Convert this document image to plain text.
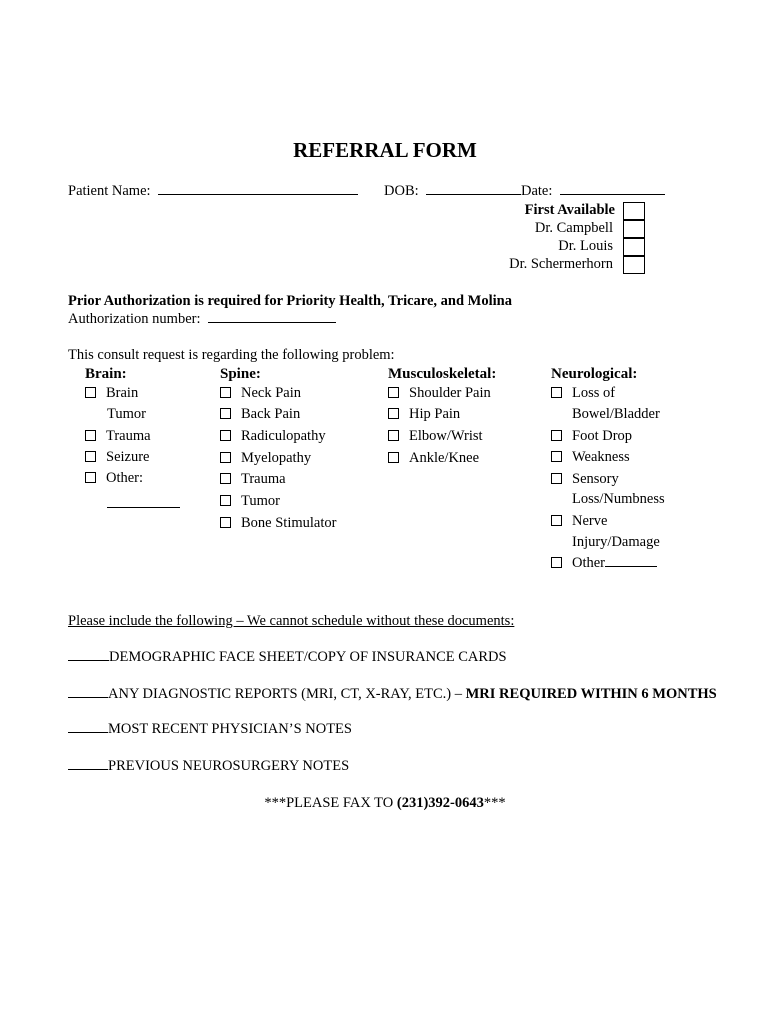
REFERRAL FORM
Patient Name:	DOB:	Date:
First Available
Dr. Campbell
Dr. Louis
Dr. Schermerhorn
Prior Authorization is required for Priority Health, Tricare, and Molina
Authorization number:
This consult request is regarding the following problem:
Brain:
Brain
Tumor
Trauma
Seizure
Other:
Spine:
Neck Pain
Back Pain
Radiculopathy
Myelopathy
Trauma
Tumor
Bone Stimulator
Musculoskeletal:
Shoulder Pain
Hip Pain
Elbow/Wrist
Ankle/Knee
Neurological:
Loss of
Bowel/Bladder
Foot Drop
Weakness
Sensory
Loss/Numbness
Nerve
Injury/Damage
Other
Please include the following – We cannot schedule without these documents:
DEMOGRAPHIC FACE SHEET/COPY OF INSURANCE CARDS
ANY DIAGNOSTIC REPORTS (MRI, CT, X-RAY, ETC.) – MRI REQUIRED WITHIN 6 MONTHS
MOST RECENT PHYSICIAN’S NOTES
PREVIOUS NEUROSURGERY NOTES
***PLEASE FAX TO (231)392-0643***
